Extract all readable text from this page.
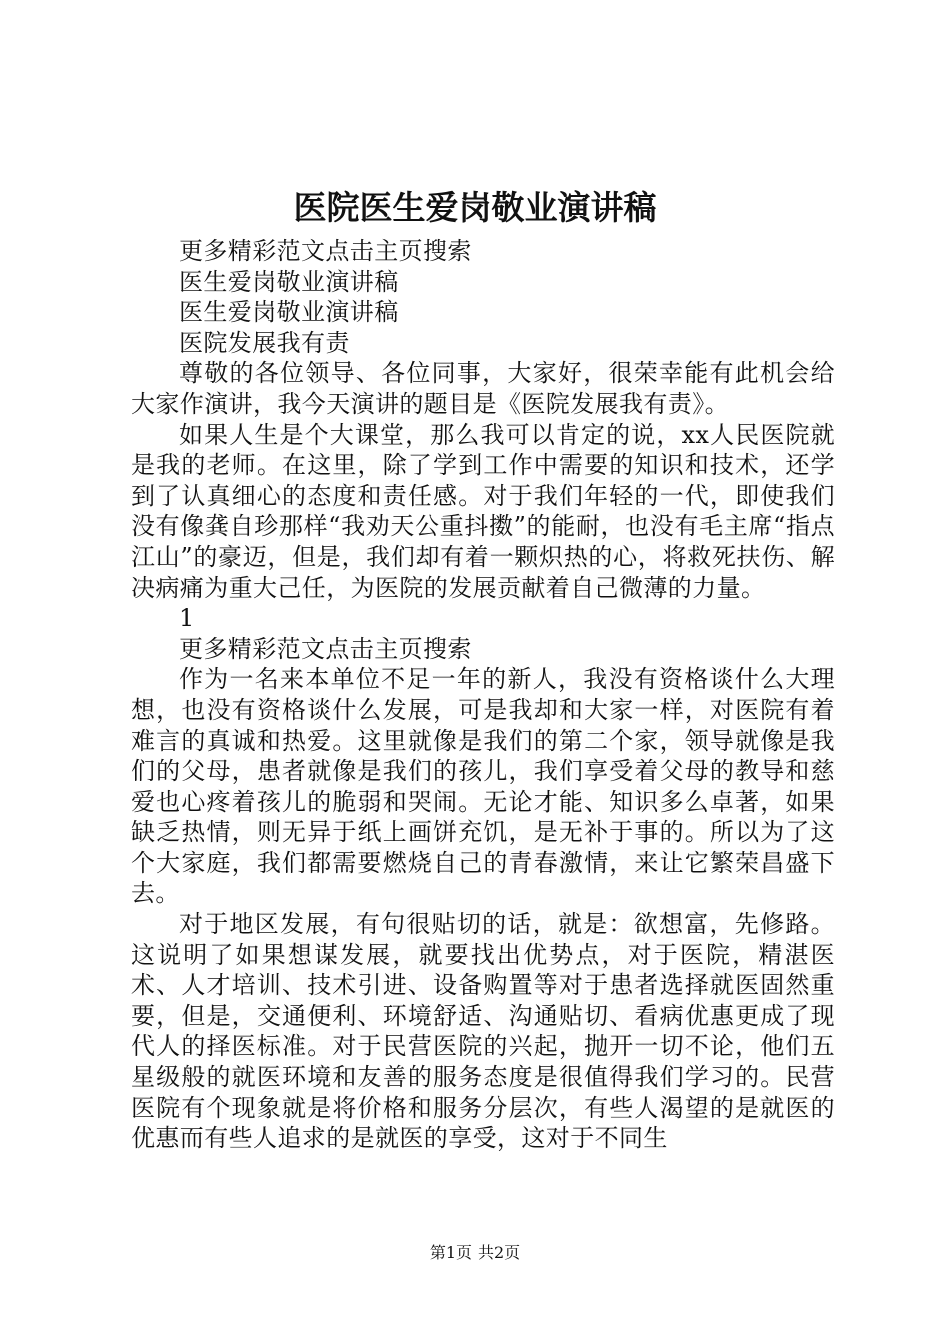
医院医生爱岗敬业演讲稿

更多精彩范文点击主页搜索

医生爱岗敬业演讲稿

医生爱岗敬业演讲稿

医院发展我有责

尊敬的各位领导、各位同事，大家好，很荣幸能有此机会给大家作演讲，我今天演讲的题目是《医院发展我有责》。

如果人生是个大课堂，那么我可以肯定的说，xx人民医院就是我的老师。在这里，除了学到工作中需要的知识和技术，还学到了认真细心的态度和责任感。对于我们年轻的一代，即使我们没有像龚自珍那样“我劝天公重抖擞”的能耐，也没有毛主席“指点江山”的豪迈，但是，我们却有着一颗炽热的心，将救死扶伤、解决病痛为重大己任，为医院的发展贡献着自己微薄的力量。

1

更多精彩范文点击主页搜索

作为一名来本单位不足一年的新人，我没有资格谈什么大理想，也没有资格谈什么发展，可是我却和大家一样，对医院有着难言的真诚和热爱。这里就像是我们的第二个家，领导就像是我们的父母，患者就像是我们的孩儿，我们享受着父母的教导和慈爱也心疼着孩儿的脆弱和哭闹。无论才能、知识多么卓著，如果缺乏热情，则无异于纸上画饼充饥，是无补于事的。所以为了这个大家庭，我们都需要燃烧自己的青春激情，来让它繁荣昌盛下去。

对于地区发展，有句很贴切的话，就是：欲想富，先修路。这说明了如果想谋发展，就要找出优势点，对于医院，精湛医术、人才培训、技术引进、设备购置等对于患者选择就医固然重要，但是，交通便利、环境舒适、沟通贴切、看病优惠更成了现代人的择医标准。对于民营医院的兴起，抛开一切不论，他们五星级般的就医环境和友善的服务态度是很值得我们学习的。民营医院有个现象就是将价格和服务分层次，有些人渴望的是就医的优惠而有些人追求的是就医的享受，这对于不同生

第1页 共2页
